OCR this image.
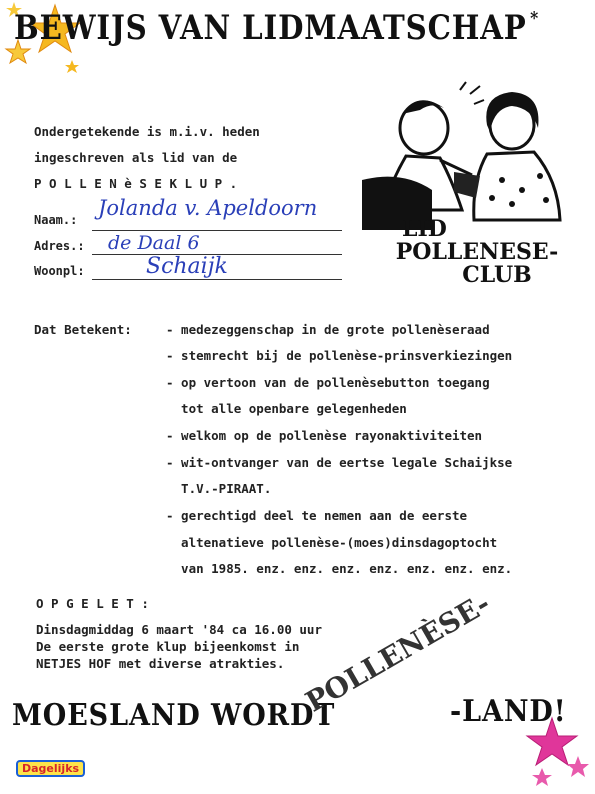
BEWIJS VAN LIDMAATSCHAP *
Ondergetekende is m.i.v. heden
ingeschreven als lid van de
P O L L E N è S E K L U P .
Naam.: Jolanda v. Apeldoorn
Adres.: de Daal 6
Woonpl:	Schaijk
LID
POLLENESE-
CLUB
Dat Betekent:	- medezeggenschap in de grote pollenèseraad
- stemrecht bij de pollenèse-prinsverkiezingen
- op vertoon van de pollenèsebutton toegang
tot alle openbare gelegenheden
- welkom op de pollenèse rayonaktiviteiten
- wit-ontvanger van de eertse legale Schaijkse
T.V.-PIRAAT.
- gerechtigd deel te nemen aan de eerste
altenatieve pollenèse-(moes)dinsdagoptocht
van 1985. enz. enz. enz. enz. enz. enz. enz.
O P G E L E T :
Dinsdagmiddag 6 maart '84 ca 16.00 uur
De eerste grote klup bijeenkomst in
NETJES HOF met diverse atrakties.
MOESLAND WORDT	-LAND!
POLLENÈSE-
Dagelijks
